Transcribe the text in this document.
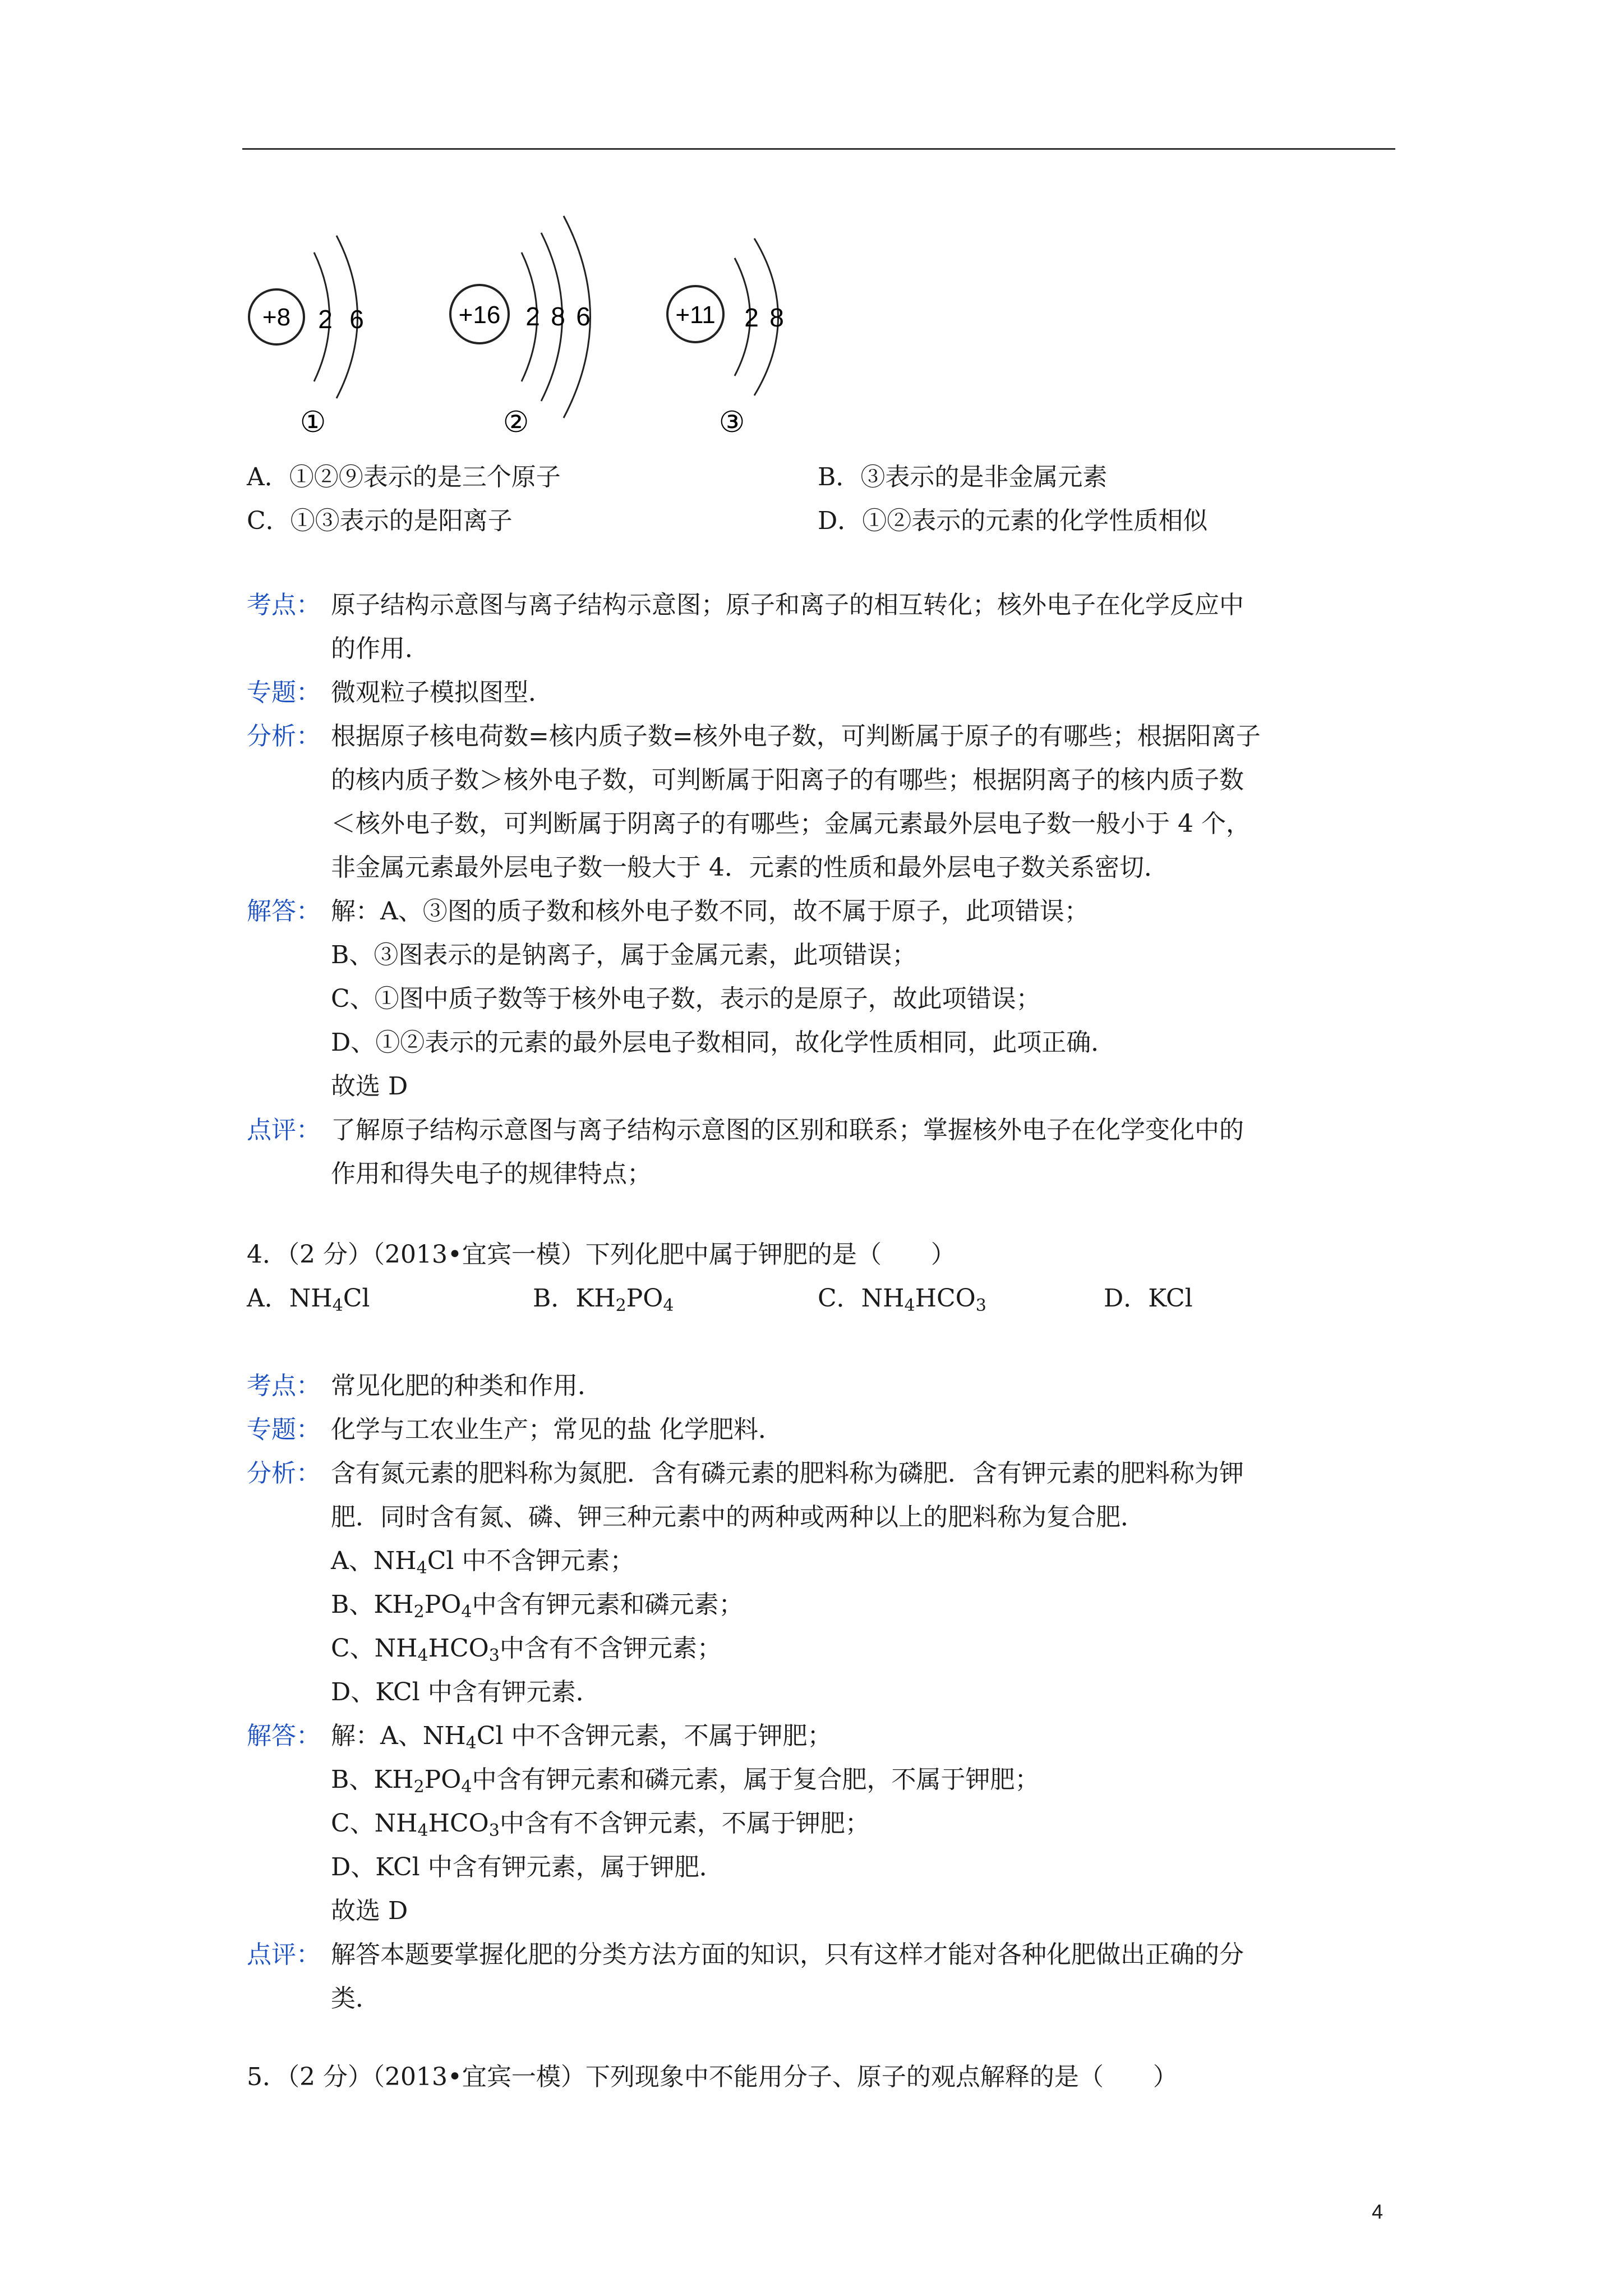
+8 2 6
①
+16 2 8 6
②
+11 2 8
③
A．①②⑨表示的是三个原子	B．③表示的是非金属元素
C．①③表示的是阳离子	D．①②表示的元素的化学性质相似
考点： 原子结构示意图与离子结构示意图；原子和离子的相互转化；核外电子在化学反应中
的作用．
专题： 微观粒子模拟图型．
分析： 根据原子核电荷数=核内质子数=核外电子数，可判断属于原子的有哪些；根据阳离子
的核内质子数＞核外电子数，可判断属于阳离子的有哪些；根据阴离子的核内质子数
＜核外电子数，可判断属于阴离子的有哪些；金属元素最外层电子数一般小于 4 个，
非金属元素最外层电子数一般大于 4．元素的性质和最外层电子数关系密切．
解答： 解：A、③图的质子数和核外电子数不同，故不属于原子，此项错误；
B、③图表示的是钠离子，属于金属元素，此项错误；
C、①图中质子数等于核外电子数，表示的是原子，故此项错误；
D、①②表示的元素的最外层电子数相同，故化学性质相同，此项正确．
故选 D
点评： 了解原子结构示意图与离子结构示意图的区别和联系；掌握核外电子在化学变化中的
作用和得失电子的规律特点；
4．（2 分）（2013•宜宾一模）下列化肥中属于钾肥的是（　　）
A．$NH_4Cl$	B．$KH_2PO_4$	C．$NH_4HCO_3$	D．KCl
考点： 常见化肥的种类和作用．
专题： 化学与工农业生产；常见的盐 化学肥料．
分析： 含有氮元素的肥料称为氮肥．含有磷元素的肥料称为磷肥．含有钾元素的肥料称为钾
肥．同时含有氮、磷、钾三种元素中的两种或两种以上的肥料称为复合肥．
A、$NH_4Cl$ 中不含钾元素；
B、$KH_2PO_4$中含有钾元素和磷元素；
C、$NH_4HCO_3$中含有不含钾元素；
D、KCl 中含有钾元素．
解答： 解：A、$NH_4Cl$ 中不含钾元素，不属于钾肥；
B、$KH_2PO_4$中含有钾元素和磷元素，属于复合肥，不属于钾肥；
C、$NH_4HCO_3$中含有不含钾元素，不属于钾肥；
D、KCl 中含有钾元素，属于钾肥．
故选 D
点评： 解答本题要掌握化肥的分类方法方面的知识，只有这样才能对各种化肥做出正确的分
类．
5．（2 分）（2013•宜宾一模）下列现象中不能用分子、原子的观点解释的是（　　）
4
